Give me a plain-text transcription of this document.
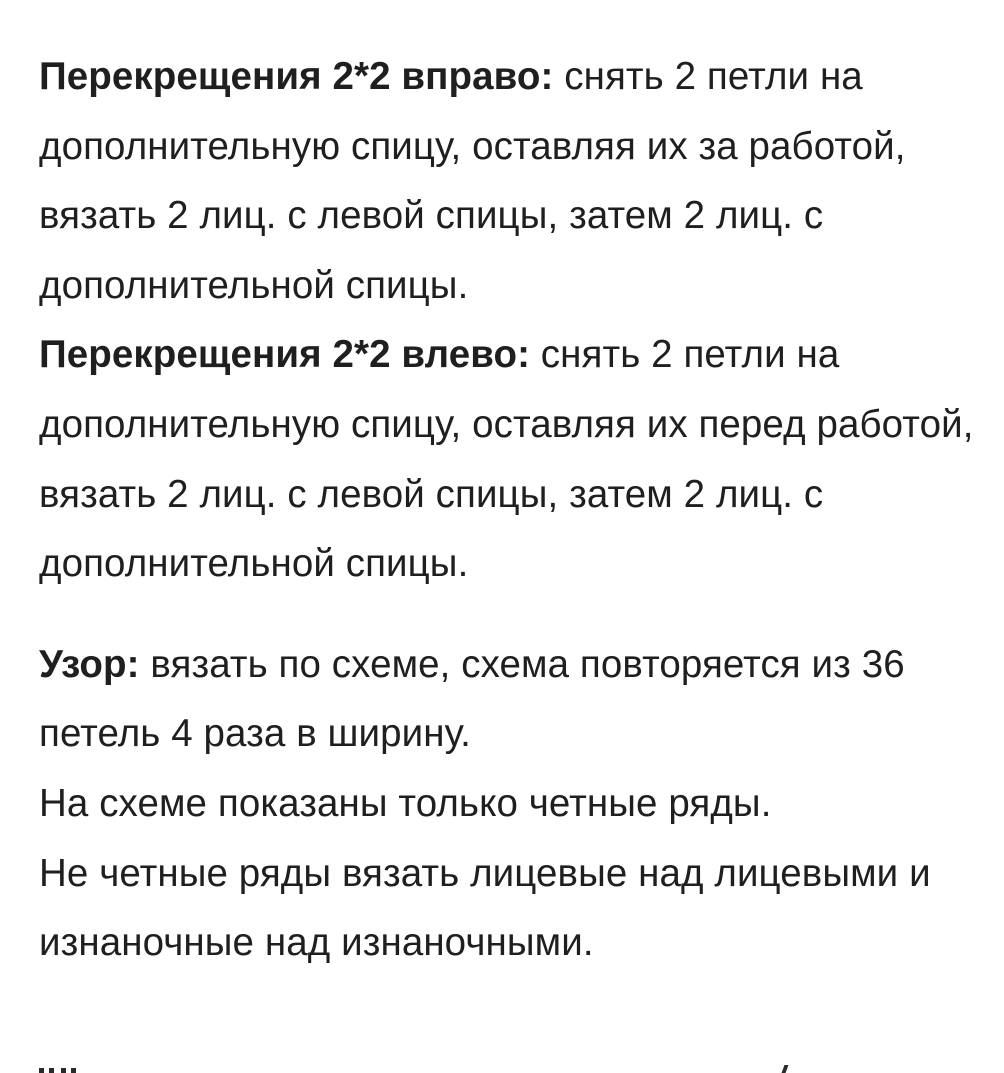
Перекрещения 2*2 вправо: снять 2 петли на дополнительную спицу, оставляя их за работой, вязать 2 лиц. с левой спицы, затем 2 лиц. с дополнительной спицы.

Перекрещения 2*2 влево: снять 2 петли на дополнительную спицу, оставляя их перед работой, вязать 2 лиц. с левой спицы, затем 2 лиц. с дополнительной спицы.

Узор: вязать по схеме, схема повторяется из 36 петель 4 раза в ширину.

На схеме показаны только четные ряды.

Не четные ряды вязать лицевые над лицевыми и изнаночные над изнаночными.
